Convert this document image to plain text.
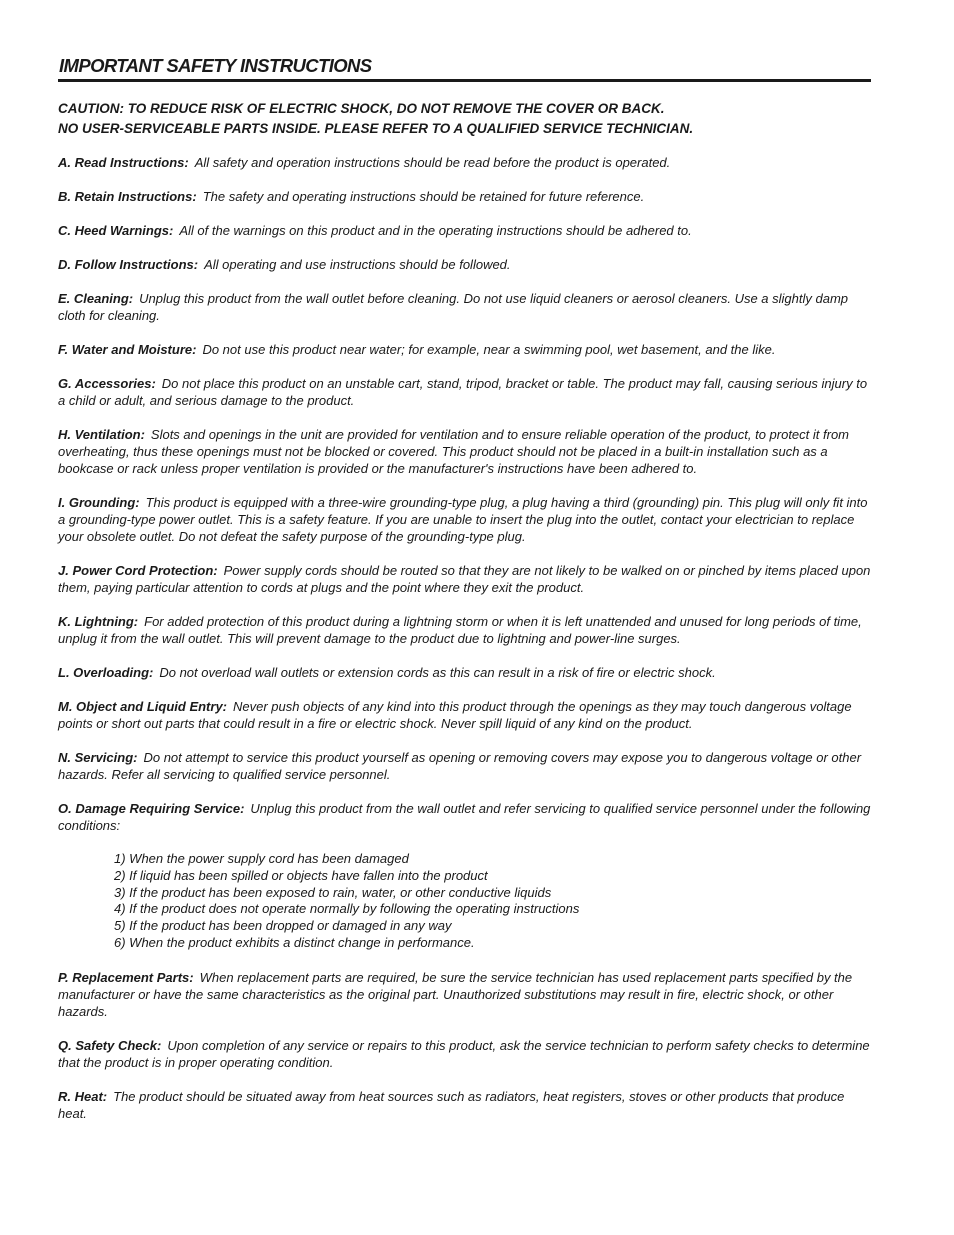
IMPORTANT SAFETY INSTRUCTIONS
CAUTION: TO REDUCE RISK OF ELECTRIC SHOCK, DO NOT REMOVE THE COVER OR BACK.
NO USER-SERVICEABLE PARTS INSIDE. PLEASE REFER TO A QUALIFIED SERVICE TECHNICIAN.

A. Read Instructions: All safety and operation instructions should be read before the product is operated.

B. Retain Instructions: The safety and operating instructions should be retained for future reference.

C. Heed Warnings: All of the warnings on this product and in the operating instructions should be adhered to.

D. Follow Instructions: All operating and use instructions should be followed.

E. Cleaning: Unplug this product from the wall outlet before cleaning. Do not use liquid cleaners or aerosol cleaners. Use a slightly damp cloth for cleaning.

F. Water and Moisture: Do not use this product near water; for example, near a swimming pool, wet basement, and the like.

G. Accessories: Do not place this product on an unstable cart, stand, tripod, bracket or table. The product may fall, causing serious injury to a child or adult, and serious damage to the product.

H. Ventilation: Slots and openings in the unit are provided for ventilation and to ensure reliable operation of the product, to protect it from overheating, thus these openings must not be blocked or covered. This product should not be placed in a built-in installation such as a bookcase or rack unless proper ventilation is provided or the manufacturer's instructions have been adhered to.

I. Grounding: This product is equipped with a three-wire grounding-type plug, a plug having a third (grounding) pin. This plug will only fit into a grounding-type power outlet. This is a safety feature. If you are unable to insert the plug into the outlet, contact your electrician to replace your obsolete outlet. Do not defeat the safety purpose of the grounding-type plug.

J. Power Cord Protection: Power supply cords should be routed so that they are not likely to be walked on or pinched by items placed upon them, paying particular attention to cords at plugs and the point where they exit the product.

K. Lightning: For added protection of this product during a lightning storm or when it is left unattended and unused for long periods of time, unplug it from the wall outlet. This will prevent damage to the product due to lightning and power-line surges.

L. Overloading: Do not overload wall outlets or extension cords as this can result in a risk of fire or electric shock.

M. Object and Liquid Entry: Never push objects of any kind into this product through the openings as they may touch dangerous voltage points or short out parts that could result in a fire or electric shock. Never spill liquid of any kind on the product.

N. Servicing: Do not attempt to service this product yourself as opening or removing covers may expose you to dangerous voltage or other hazards. Refer all servicing to qualified service personnel.

O. Damage Requiring Service: Unplug this product from the wall outlet and refer servicing to qualified service personnel under the following conditions:

1) When the power supply cord has been damaged
2) If liquid has been spilled or objects have fallen into the product
3) If the product has been exposed to rain, water, or other conductive liquids
4) If the product does not operate normally by following the operating instructions
5) If the product has been dropped or damaged in any way
6) When the product exhibits a distinct change in performance.

P. Replacement Parts: When replacement parts are required, be sure the service technician has used replacement parts specified by the manufacturer or have the same characteristics as the original part. Unauthorized substitutions may result in fire, electric shock, or other hazards.

Q. Safety Check: Upon completion of any service or repairs to this product, ask the service technician to perform safety checks to determine that the product is in proper operating condition.

R. Heat: The product should be situated away from heat sources such as radiators, heat registers, stoves or other products that produce heat.
